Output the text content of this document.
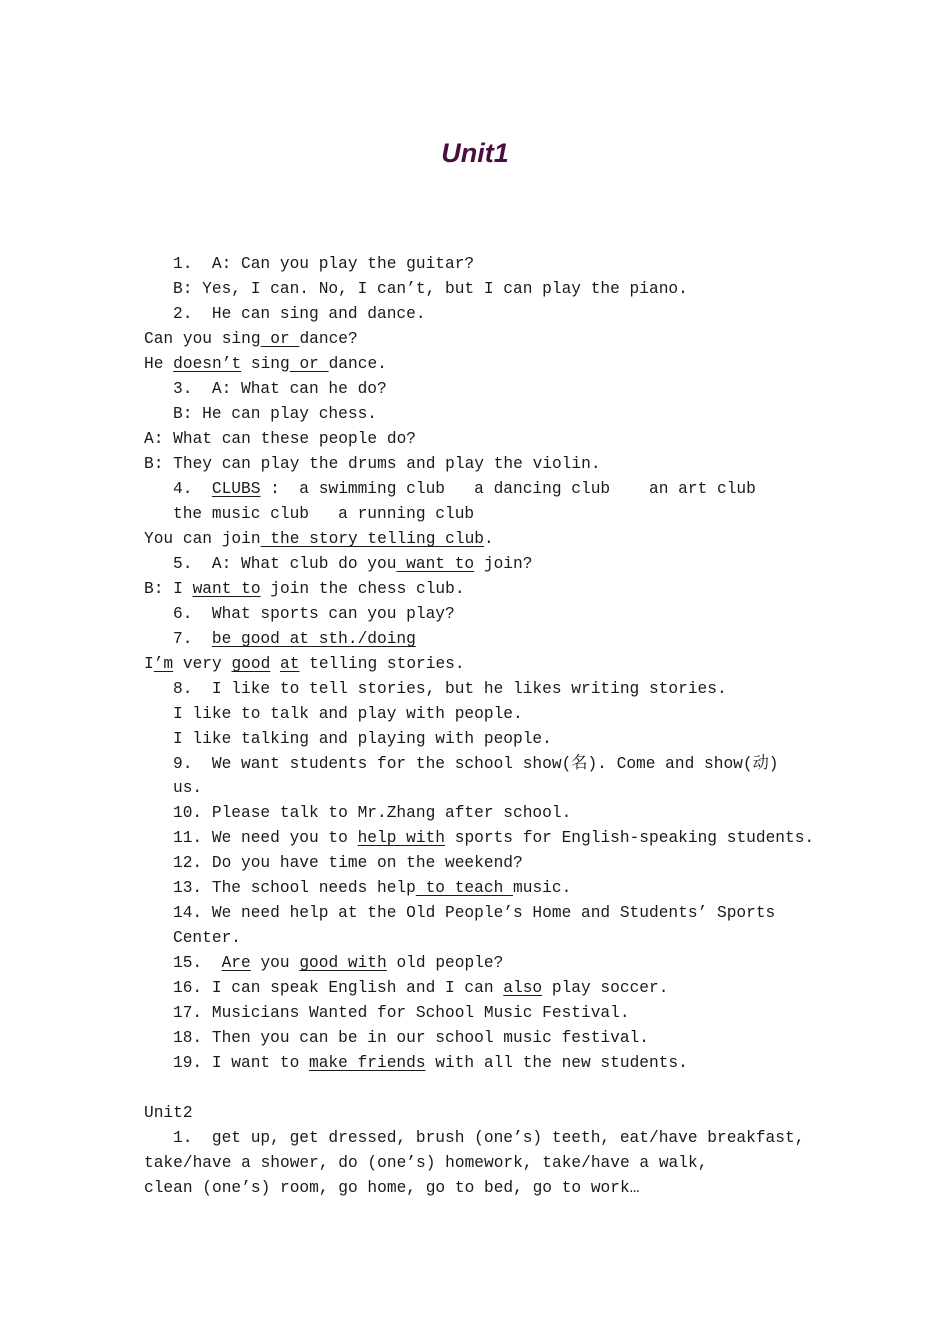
Unit1
1.  A: Can you play the guitar?
B: Yes, I can. No, I can’t, but I can play the piano.
2.  He can sing and dance.
Can you sing or dance?
He doesn’t sing or dance.
3.  A: What can he do?
B: He can play chess.
A: What can these people do?
B: They can play the drums and play the violin.
4.  CLUBS :  a swimming club   a dancing club    an art club
the music club   a running club
You can join the story telling club.
5.  A: What club do you want to join?
B: I want to join the chess club.
6.  What sports can you play?
7.  be good at sth./doing
I’m very good at telling stories.
8.  I like to tell stories, but he likes writing stories.
I like to talk and play with people.
I like talking and playing with people.
9.  We want students for the school show(名). Come and show(动)
us.
10. Please talk to Mr.Zhang after school.
11. We need you to help with sports for English-speaking students.
12. Do you have time on the weekend?
13. The school needs help to teach music.
14. We need help at the Old People’s Home and Students’ Sports
Center.
15.  Are you good with old people?
16. I can speak English and I can also play soccer.
17. Musicians Wanted for School Music Festival.
18. Then you can be in our school music festival.
19. I want to make friends with all the new students.
Unit2
1.  get up, get dressed, brush (one’s) teeth, eat/have breakfast,
take/have a shower, do (one’s) homework, take/have a walk,
clean (one’s) room, go home, go to bed, go to work…
